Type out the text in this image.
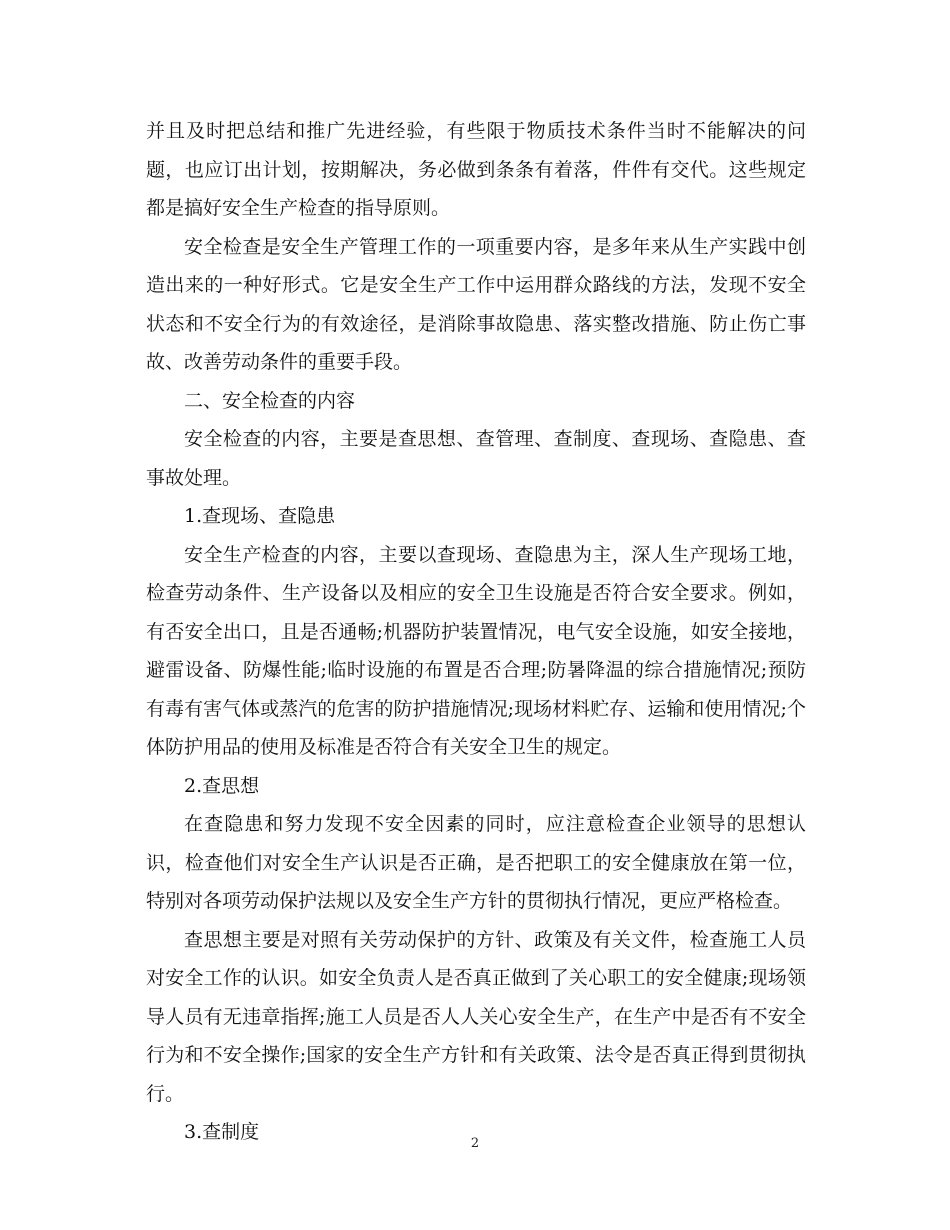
并且及时把总结和推广先进经验，有些限于物质技术条件当时不能解决的问题，也应订出计划，按期解决，务必做到条条有着落，件件有交代。这些规定都是搞好安全生产检查的指导原则。

安全检查是安全生产管理工作的一项重要内容，是多年来从生产实践中创造出来的一种好形式。它是安全生产工作中运用群众路线的方法，发现不安全状态和不安全行为的有效途径，是消除事故隐患、落实整改措施、防止伤亡事故、改善劳动条件的重要手段。

二、安全检查的内容

安全检查的内容，主要是查思想、查管理、查制度、查现场、查隐患、查事故处理。

1.查现场、查隐患

安全生产检查的内容，主要以查现场、查隐患为主，深人生产现场工地，检查劳动条件、生产设备以及相应的安全卫生设施是否符合安全要求。例如，有否安全出口，且是否通畅;机器防护装置情况，电气安全设施，如安全接地，避雷设备、防爆性能;临时设施的布置是否合理;防暑降温的综合措施情况;预防有毒有害气体或蒸汽的危害的防护措施情况;现场材料贮存、运输和使用情况;个体防护用品的使用及标准是否符合有关安全卫生的规定。

2.查思想

在查隐患和努力发现不安全因素的同时，应注意检查企业领导的思想认识，检查他们对安全生产认识是否正确，是否把职工的安全健康放在第一位，特别对各项劳动保护法规以及安全生产方针的贯彻执行情况，更应严格检查。

查思想主要是对照有关劳动保护的方针、政策及有关文件，检查施工人员对安全工作的认识。如安全负责人是否真正做到了关心职工的安全健康;现场领导人员有无违章指挥;施工人员是否人人关心安全生产，在生产中是否有不安全行为和不安全操作;国家的安全生产方针和有关政策、法令是否真正得到贯彻执行。

3.查制度

2
